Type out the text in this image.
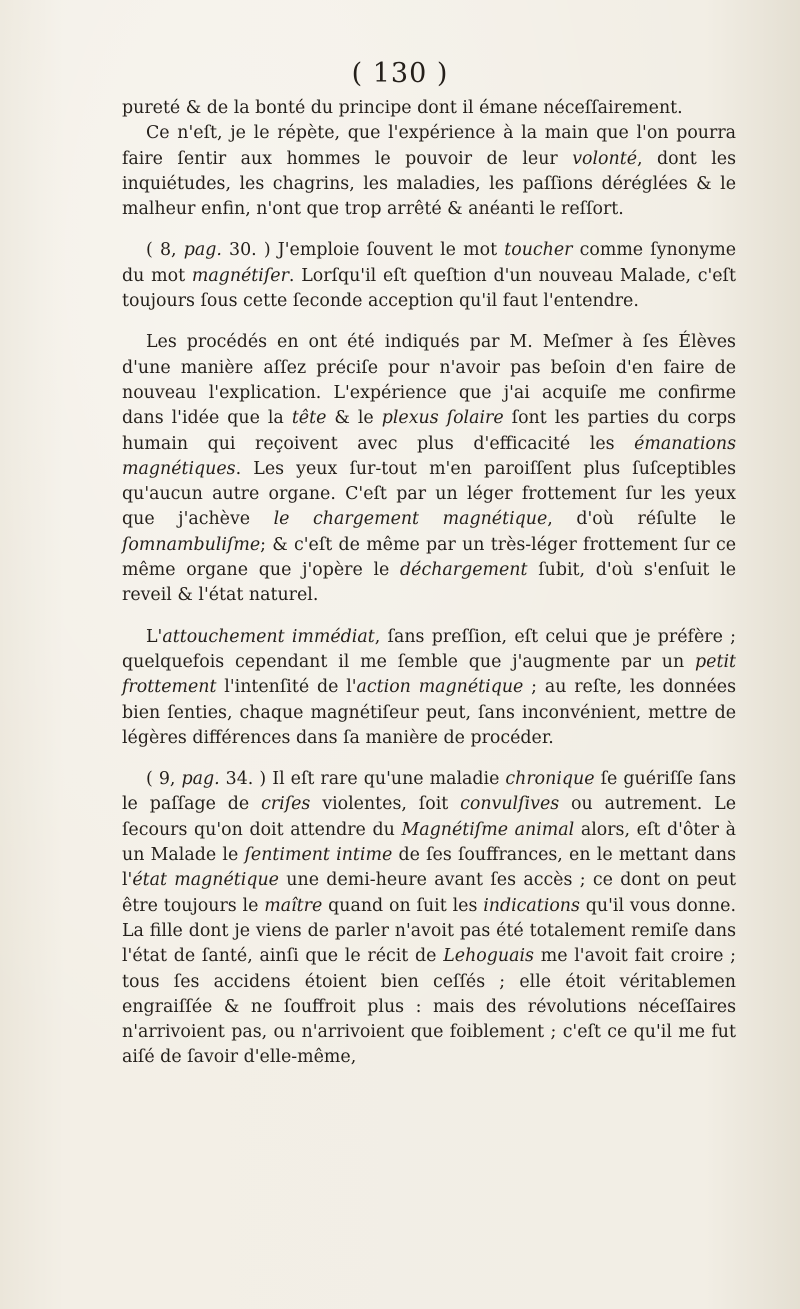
( 130 )

pureté & de la bonté du principe dont il émane néceſſairement.

Ce n'eſt, je le répète, que l'expérience à la main que l'on pourra faire ſentir aux hommes le pouvoir de leur volonté, dont les inquiétudes, les chagrins, les maladies, les paſſions déréglées & le malheur enfin, n'ont que trop arrêté & anéanti le reſſort.

( 8, pag. 30. ) J'emploie ſouvent le mot toucher comme ſynonyme du mot magnétiſer. Lorſqu'il eſt queſtion d'un nouveau Malade, c'eſt toujours ſous cette ſeconde acception qu'il faut l'entendre.

Les procédés en ont été indiqués par M. Meſmer à ſes Élèves d'une manière aſſez préciſe pour n'avoir pas beſoin d'en faire de nouveau l'explication. L'expérience que j'ai acquiſe me confirme dans l'idée que la tête & le plexus ſolaire ſont les parties du corps humain qui reçoivent avec plus d'efficacité les émanations magnétiques. Les yeux ſur-tout m'en paroiſſent plus ſuſceptibles qu'aucun autre organe. C'eſt par un léger frottement ſur les yeux que j'achève le chargement magnétique, d'où réſulte le ſomnambuliſme; & c'eſt de même par un très-léger frottement ſur ce même organe que j'opère le déchargement ſubit, d'où s'enſuit le reveil & l'état naturel.

L'attouchement immédiat, ſans preſſion, eſt celui que je préfère ; quelquefois cependant il me ſemble que j'augmente par un petit frottement l'intenſité de l'action magnétique ; au reſte, les données bien ſenties, chaque magnétiſeur peut, ſans inconvénient, mettre de légères différences dans ſa manière de procéder.

( 9, pag. 34. ) Il eſt rare qu'une maladie chronique ſe guériſſe ſans le paſſage de criſes violentes, ſoit convulſives ou autrement. Le ſecours qu'on doit attendre du Magnétiſme animal alors, eſt d'ôter à un Malade le ſentiment intime de ſes ſouffrances, en le mettant dans l'état magnétique une demi-heure avant ſes accès ; ce dont on peut être toujours le maître quand on ſuit les indications qu'il vous donne. La fille dont je viens de parler n'avoit pas été totalement remiſe dans l'état de ſanté, ainſi que le récit de Lehoguais me l'avoit fait croire ; tous ſes accidens étoient bien ceſſés ; elle étoit véritablemen engraiſſée & ne ſouffroit plus : mais des révolutions néceſſaires n'arrivoient pas, ou n'arrivoient que foiblement ; c'eſt ce qu'il me fut aiſé de ſavoir d'elle-même,
